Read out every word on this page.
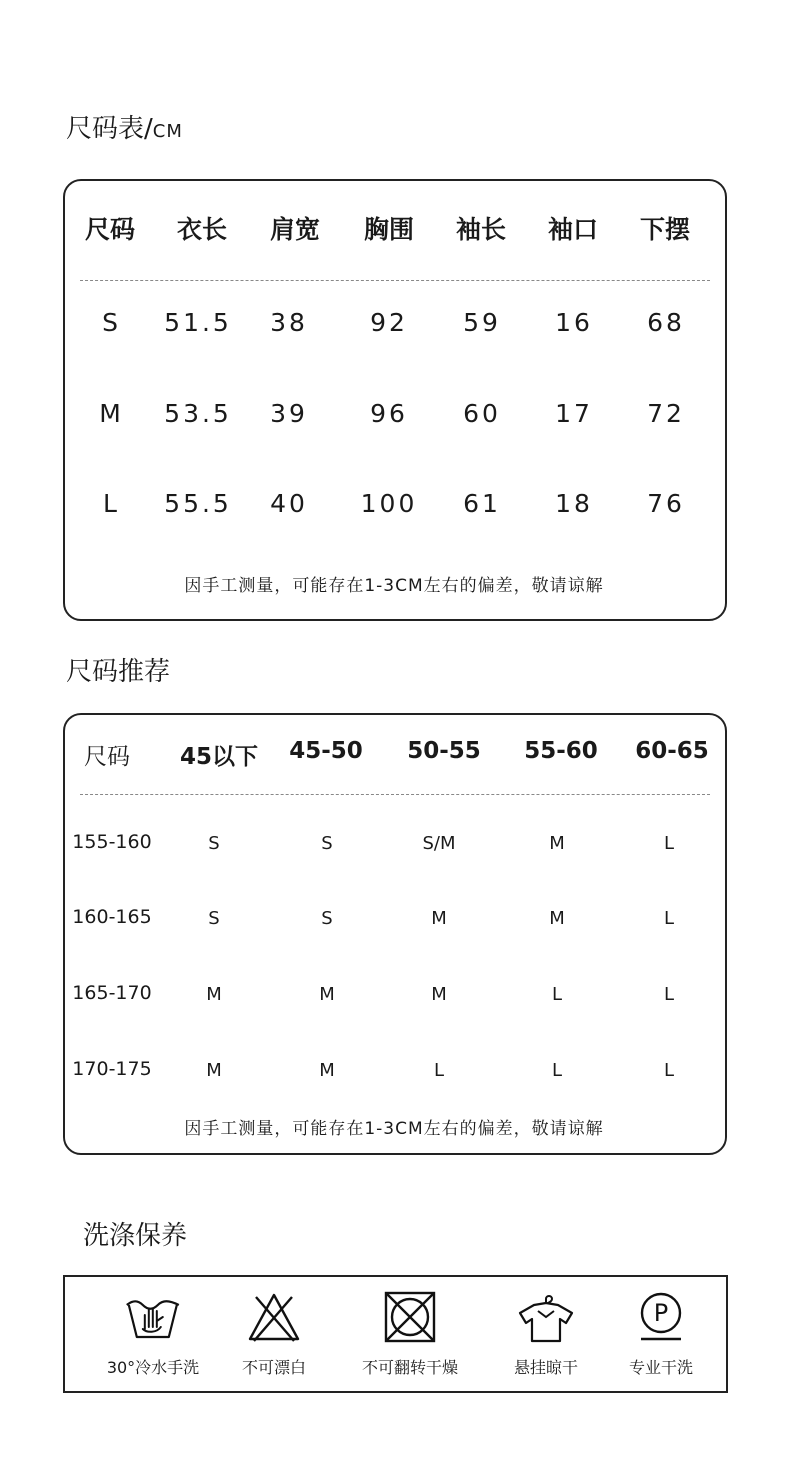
尺码表/CM
尺码 衣长 肩宽 胸围 袖长 袖口 下摆
S 51.5 38 92 59 16 68
M 53.5 39 96 60 17 72
L 55.5 40 100 61 18 76
因手工测量，可能存在1-3CM左右的偏差，敬请谅解
尺码推荐
尺码 45以下 45-50 50-55 55-60 60-65
155-160	S	S	S/M	M	L
160-165	S	S	M	M	L
165-170	M	M	M	L	L
170-175	M	M	L	L	L
因手工测量，可能存在1-3CM左右的偏差，敬请谅解
洗涤保养
30°冷水手洗	不可漂白	不可翻转干燥	悬挂晾干
P
专业干洗
